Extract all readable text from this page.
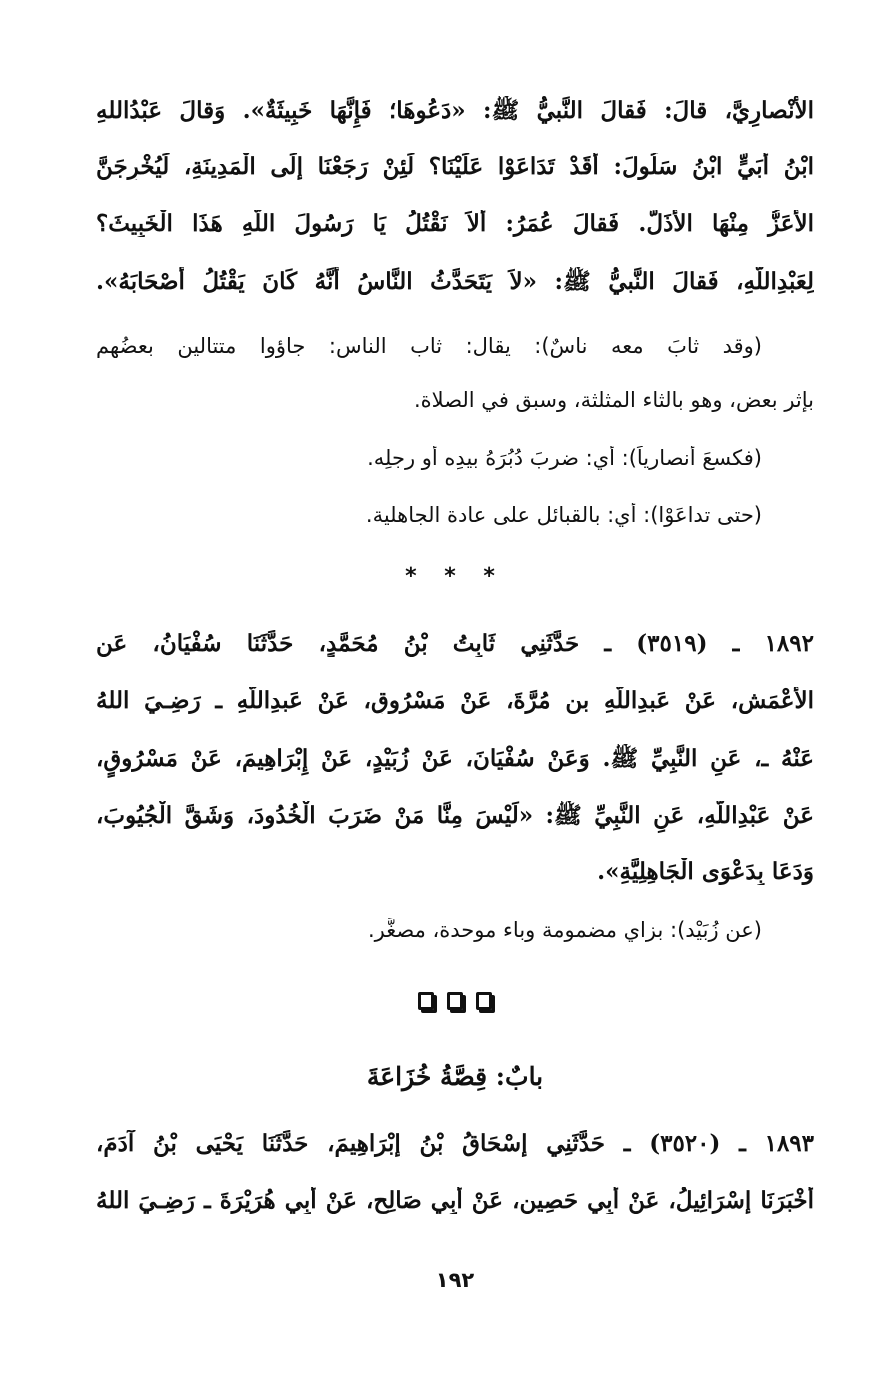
الأَنْصارِيَّ، قالَ: فَقالَ النَّبيُّ ﷺ: «دَعُوهَا؛ فَإِنَّهَا خَبِيثَةٌ». وَقالَ عَبْدُاللهِ
ابْنُ أُبَيٍّ ابْنُ سَلُولَ: أَقَدْ تَدَاعَوْا عَلَيْنَا؟ لَئِنْ رَجَعْنَا إِلَى الْمَدِينَةِ، لَيُخْرِجَنَّ
الأَعَزُّ مِنْهَا الأَذَلَّ. فَقالَ عُمَرُ: أَلاَ نَقْتُلُ يَا رَسُولَ اللَّهِ هَذَا الْخَبِيثَ؟
لِعَبْدِاللَّهِ، فَقالَ النَّبيُّ ﷺ: «لاَ يَتَحَدَّثُ النَّاسُ أَنَّهُ كَانَ يَقْتُلُ أَصْحَابَهُ».
(وقد ثابَ معه ناسٌ): يقال: ثاب الناس: جاؤوا متتالين بعضُهم
بإثرِ بعضٍ، وهو بالثاء المثلثة، وسبق في الصلاة.
(فكسعَ أنصارياً): أي: ضربَ دُبُرَهُ بيدِه أو رجلِه.
(حتى تداعَوْا): أي: بالقبائل على عادة الجاهلية.
* * *
١٨٩٢ ـ (٣٥١٩) ـ حَدَّثَنِي ثَابِتُ بْنُ مُحَمَّدٍ، حَدَّثَنَا سُفْيَانُ، عَنِ
الأَعْمَشِ، عَنْ عَبدِاللَّهِ بنِ مُرَّةَ، عَنْ مَسْرُوقٍ، عَنْ عَبدِاللَّهِ ـ رَضِـيَ اللهُ
عَنْهُ ـ، عَنِ النَّبِيِّ ﷺ. وَعَنْ سُفْيَانَ، عَنْ زُبَيْدٍ، عَنْ إِبْرَاهِيمَ، عَنْ مَسْرُوقٍ،
عَنْ عَبْدِاللَّهِ، عَنِ النَّبِيِّ ﷺ: «لَيْسَ مِنَّا مَنْ ضَرَبَ الْخُدُودَ، وَشَقَّ الْجُيُوبَ،
وَدَعَا بِدَعْوَى الْجَاهِلِيَّةِ».
(عن زُبَيْد): بزاي مضمومة وباء موحدة، مصغَّر.
بابٌ: قِصَّةُ خُزَاعَةَ
١٨٩٣ ـ (٣٥٢٠) ـ حَدَّثَنِي إِسْحَاقُ بْنُ إِبْرَاهِيمَ، حَدَّثَنَا يَحْيَى بْنُ آدَمَ،
أَخْبَرَنَا إِسْرَائِيلُ، عَنْ أَبِي حَصِينٍ، عَنْ أَبِي صَالِحٍ، عَنْ أَبِي هُرَيْرَةَ ـ رَضِـيَ اللهُ
١٩٢
